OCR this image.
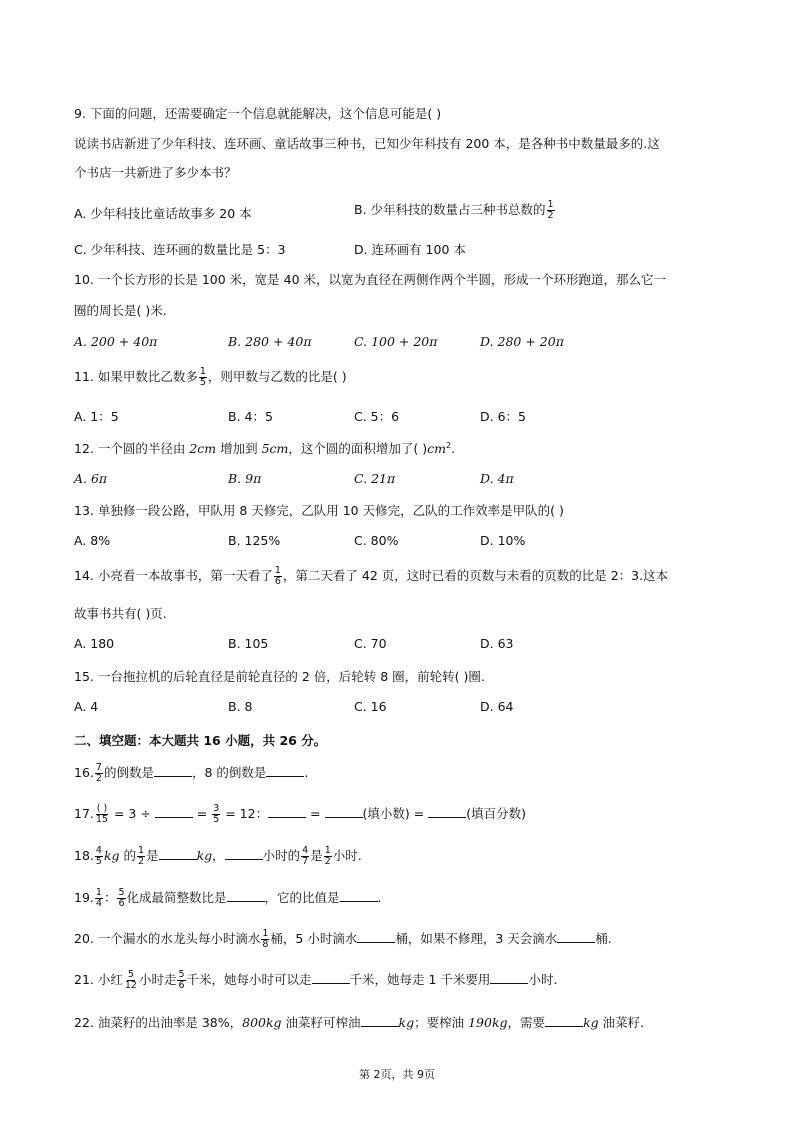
9. 下面的问题，还需要确定一个信息就能解决，这个信息可能是( )
说读书店新进了少年科技、连环画、童话故事三种书，已知少年科技有 200 本，是各种书中数量最多的.这
个书店一共新进了多少本书？
A. 少年科技比童话故事多 20 本	B. 少年科技的数量占三种书总数的 $\frac{1}{2}$
C. 少年科技、连环画的数量比是 5：3	D. 连环画有 100 本
10. 一个长方形的长是 100 米，宽是 40 米，以宽为直径在两侧作两个半圆，形成一个环形跑道，那么它一
圈的周长是( )米.
A. 200 + 40π	B. 280 + 40π	C. 100 + 20π	D. 280 + 20π
11. 如果甲数比乙数多 $\frac{1}{5}$ ，则甲数与乙数的比是( )
A. 1：5	B. 4：5	C. 5：6	D. 6：5
12. 一个圆的半径由 2cm 增加到 5cm，这个圆的面积增加了( )$cm^2$.
A. 6π	B. 9π	C. 21π	D. 4π
13. 单独修一段公路，甲队用 8 天修完，乙队用 10 天修完，乙队的工作效率是甲队的( )
A. 8%	B. 125%	C. 80%	D. 10%
14. 小亮看一本故事书，第一天看了 $\frac{1}{6}$ ，第二天看了 42 页，这时已看的页数与未看的页数的比是 2：3.这本
故事书共有( )页.
A. 180	B. 105	C. 70	D. 63
15. 一台拖拉机的后轮直径是前轮直径的 2 倍，后轮转 8 圈，前轮转( )圈.
A. 4	B. 8	C. 16	D. 64
二、填空题：本大题共 16 小题，共 26 分。
16. $\frac{7}{2}$ 的倒数是	，8 的倒数是	.
17. $\frac{( )}{15} = 3$ ÷	= $\frac{3}{5} = 12$：	=	(填小数) =	(填百分数)
18. $\frac{4}{5}$ kg 的 $\frac{1}{2}$ 是	kg，	小时的 $\frac{4}{7}$ 是 $\frac{1}{2}$ 小时.
19. $\frac{1}{4}$ ： $\frac{5}{6}$ 化成最简整数比是	，它的比值是	.
20. 一个漏水的水龙头每小时滴水 $\frac{1}{8}$ 桶，5 小时滴水	桶，如果不修理，3 天会滴水	桶.
21. 小红 $\frac{5}{12}$ 小时走 $\frac{5}{6}$ 千米，她每小时可以走	千米，她每走 1 千米要用	小时.
22. 油菜籽的出油率是 38%，800kg 油菜籽可榨油	kg；要榨油 190kg，需要	kg 油菜籽.
第 2页，共 9页
